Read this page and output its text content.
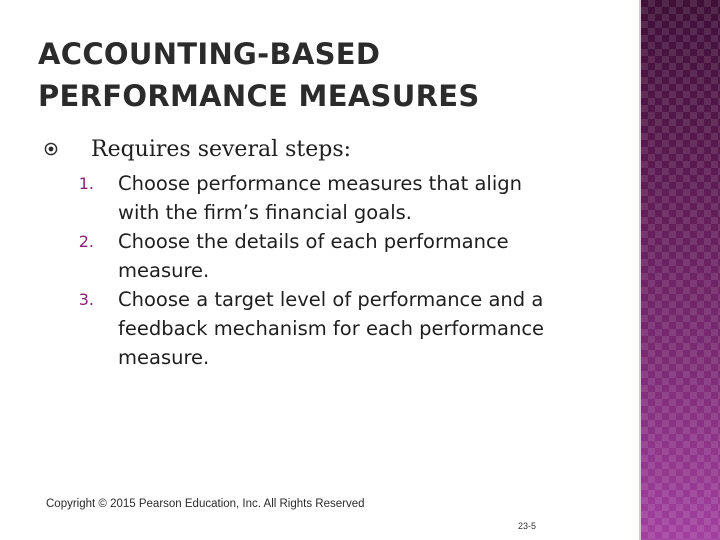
ACCOUNTING-BASED
PERFORMANCE MEASURES
Requires several steps:
1. Choose performance measures that align
with the firm’s financial goals.
2. Choose the details of each performance
measure.
3. Choose a target level of performance and a
feedback mechanism for each performance
measure.
Copyright © 2015 Pearson Education, Inc. All Rights Reserved
23-5
